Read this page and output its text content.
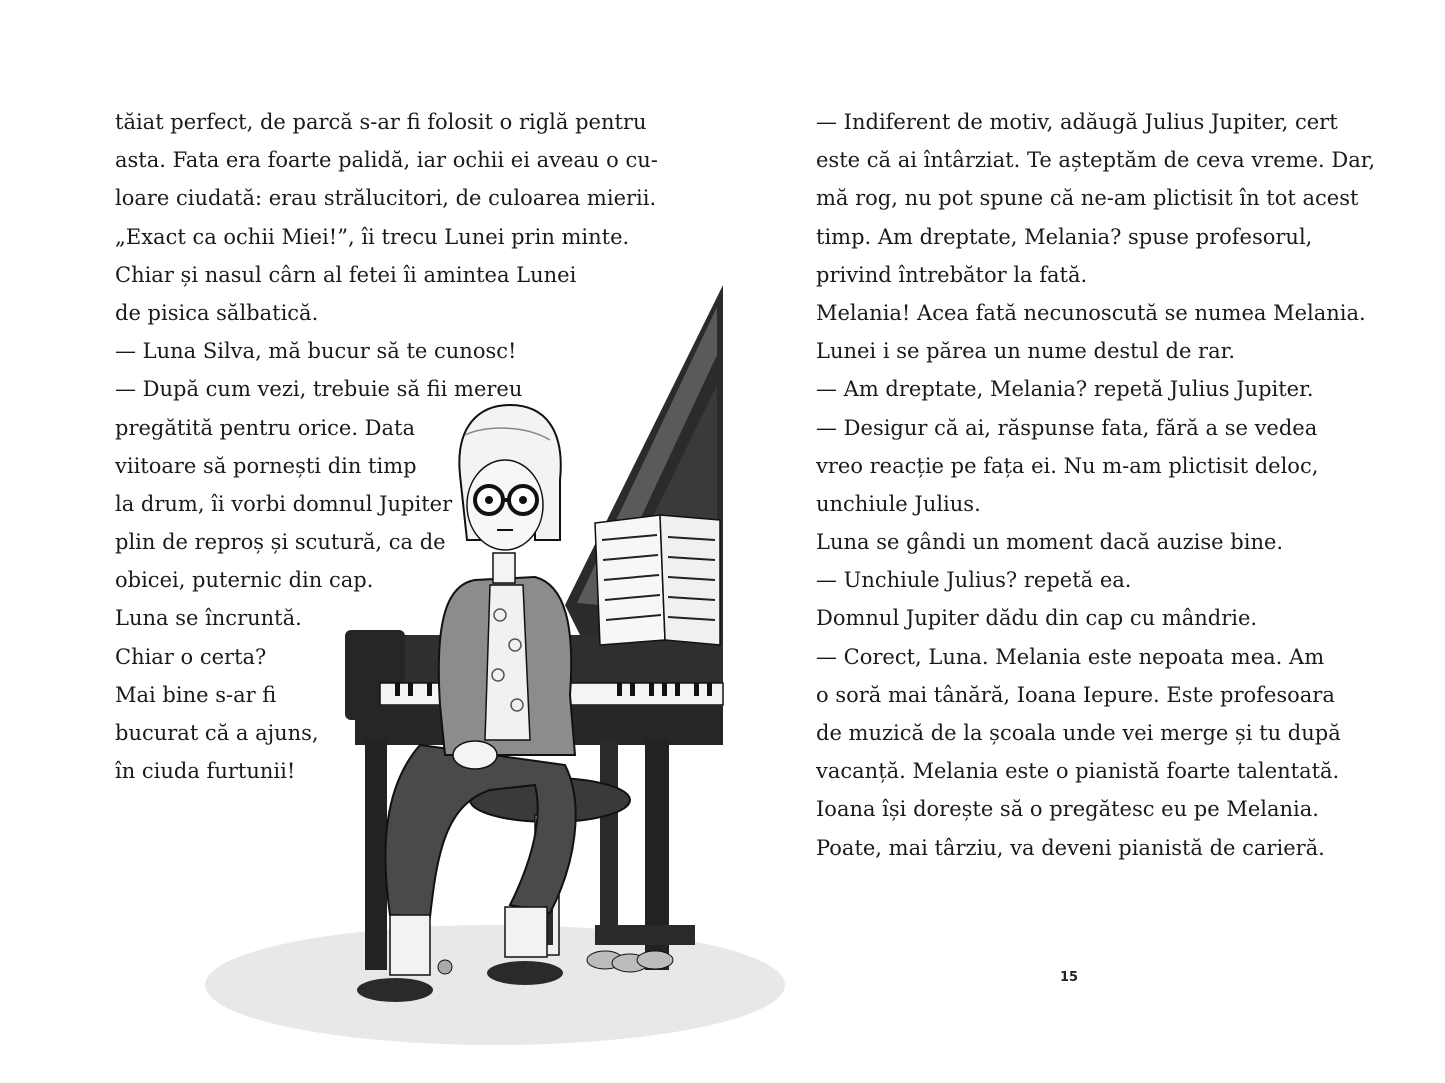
tăiat perfect, de parcă s-ar fi folosit o riglă pentru
asta. Fata era foarte palidă, iar ochii ei aveau o cu-
loare ciudată: erau strălucitori, de culoarea mierii.
„Exact ca ochii Miei!”, îi trecu Lunei prin minte.
Chiar și nasul cârn al fetei îi amintea Lunei
de pisica sălbatică.
— Luna Silva, mă bucur să te cunosc!
— După cum vezi, trebuie să fii mereu
pregătită pentru orice. Data
viitoare să pornești din timp
la drum, îi vorbi domnul Jupiter
plin de reproș și scutură, ca de
obicei, puternic din cap.
Luna se încruntă.
Chiar o certa?
Mai bine s-ar fi
bucurat că a ajuns,
în ciuda furtunii!
— Indiferent de motiv, adăugă Julius Jupiter, cert
este că ai întârziat. Te așteptăm de ceva vreme. Dar,
mă rog, nu pot spune că ne-am plictisit în tot acest
timp. Am dreptate, Melania? spuse profesorul,
privind întrebător la fată.
Melania! Acea fată necunoscută se numea Melania.
Lunei i se părea un nume destul de rar.
— Am dreptate, Melania? repetă Julius Jupiter.
— Desigur că ai, răspunse fata, fără a se vedea
vreo reacție pe fața ei. Nu m-am plictisit deloc,
unchiule Julius.
Luna se gândi un moment dacă auzise bine.
— Unchiule Julius? repetă ea.
Domnul Jupiter dădu din cap cu mândrie.
— Corect, Luna. Melania este nepoata mea. Am
o soră mai tânără, Ioana Iepure. Este profesoara
de muzică de la școala unde vei merge și tu după
vacanță. Melania este o pianistă foarte talentată.
Ioana își dorește să o pregătesc eu pe Melania.
Poate, mai târziu, va deveni pianistă de carieră.
15
